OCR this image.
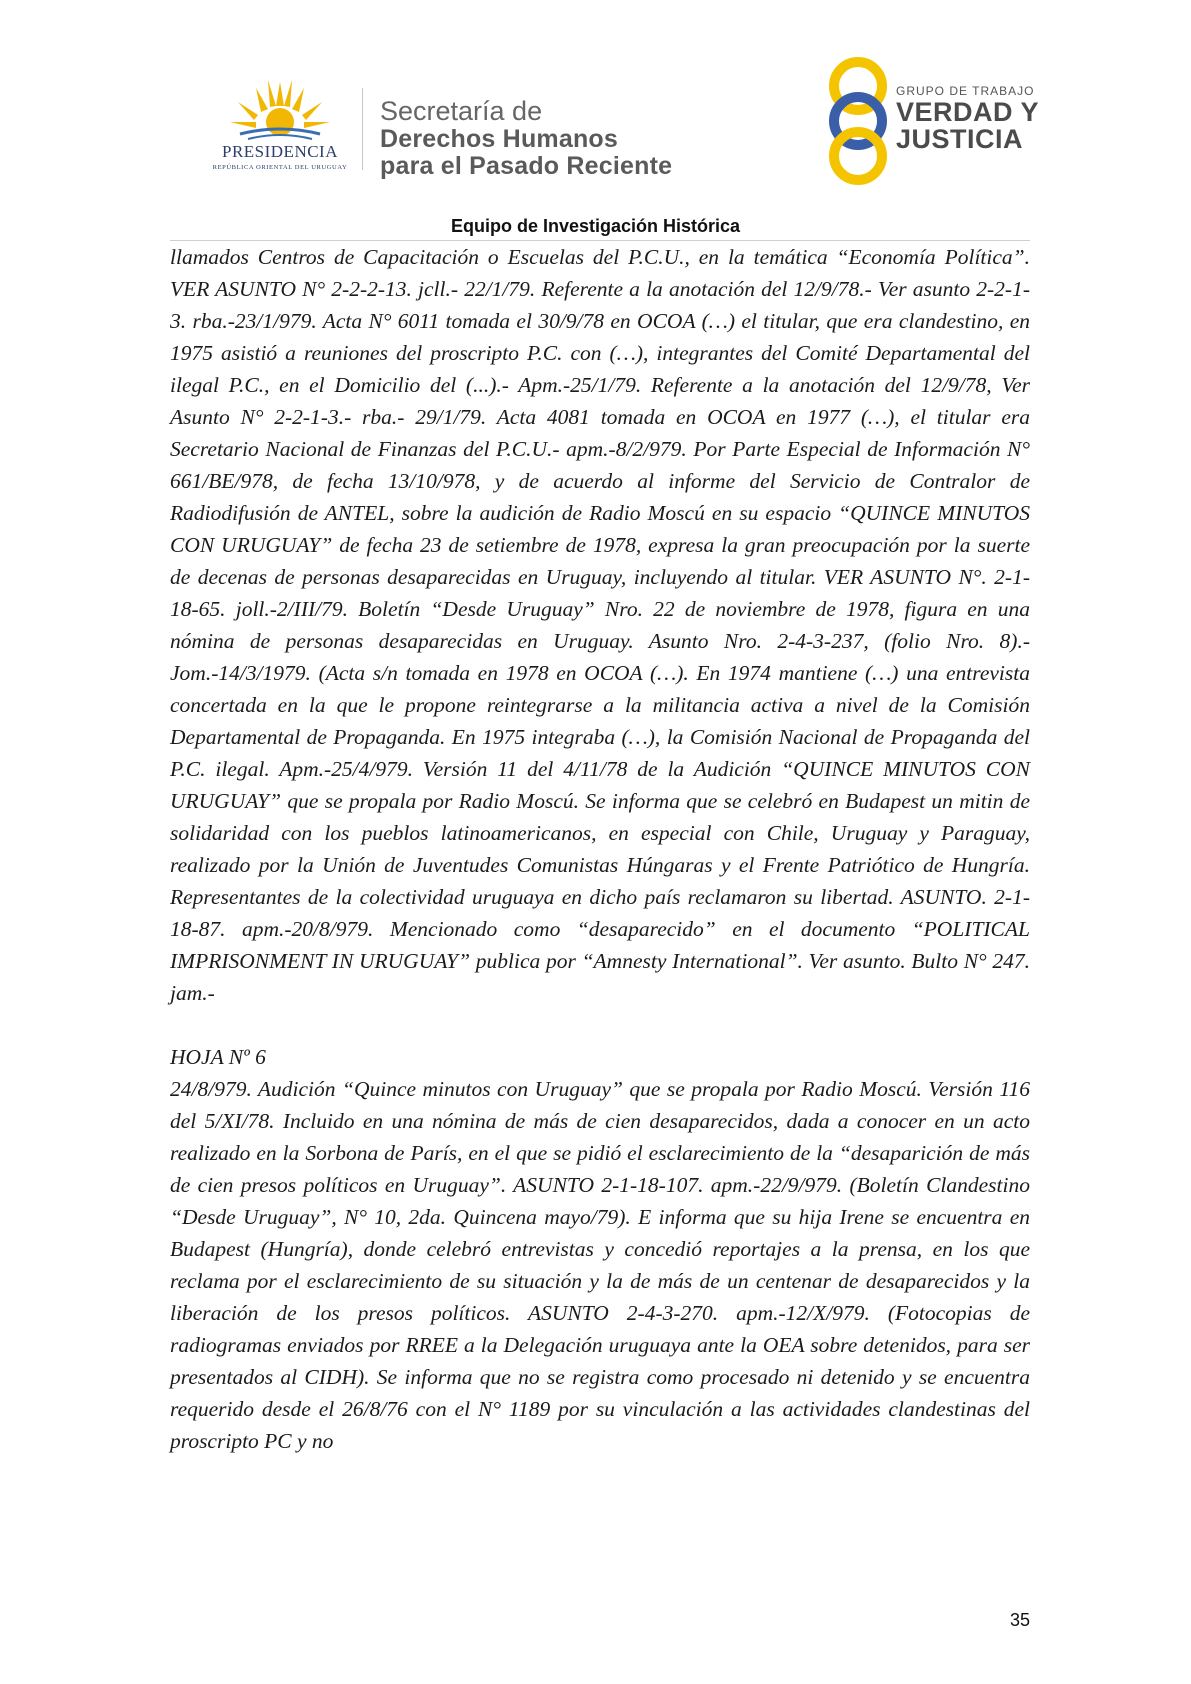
PRESIDENCIA
REPÚBLICA ORIENTAL DEL URUGUAY
Secretaría de
Derechos Humanos
para el Pasado Reciente
GRUPO DE TRABAJO
VERDAD Y
JUSTICIA
Equipo de Investigación Histórica

llamados Centros de Capacitación o Escuelas del P.C.U., en la temática “Economía Política”. VER ASUNTO N° 2-2-2-13. jcll.- 22/1/79. Referente a la anotación del 12/9/78.- Ver asunto 2-2-1-3. rba.-23/1/979. Acta N° 6011 tomada el 30/9/78 en OCOA (…) el titular, que era clandestino, en 1975 asistió a reuniones del proscripto P.C. con (…), integrantes del Comité Departamental del ilegal P.C., en el Domicilio del (...).- Apm.-25/1/79. Referente a la anotación del 12/9/78, Ver Asunto N° 2-2-1-3.- rba.- 29/1/79. Acta 4081 tomada en OCOA en 1977 (…), el titular era Secretario Nacional de Finanzas del P.C.U.- apm.-8/2/979. Por Parte Especial de Información N° 661/BE/978, de fecha 13/10/978, y de acuerdo al informe del Servicio de Contralor de Radiodifusión de ANTEL, sobre la audición de Radio Moscú en su espacio “QUINCE MINUTOS CON URUGUAY” de fecha 23 de setiembre de 1978, expresa la gran preocupación por la suerte de decenas de personas desaparecidas en Uruguay, incluyendo al titular. VER ASUNTO N°. 2-1-18-65. joll.-2/III/79. Boletín “Desde Uruguay” Nro. 22 de noviembre de 1978, figura en una nómina de personas desaparecidas en Uruguay. Asunto Nro. 2-4-3-237, (folio Nro. 8).- Jom.-14/3/1979. (Acta s/n tomada en 1978 en OCOA (…). En 1974 mantiene (…) una entrevista concertada en la que le propone reintegrarse a la militancia activa a nivel de la Comisión Departamental de Propaganda. En 1975 integraba (…), la Comisión Nacional de Propaganda del P.C. ilegal. Apm.-25/4/979. Versión 11 del 4/11/78 de la Audición “QUINCE MINUTOS CON URUGUAY” que se propala por Radio Moscú. Se informa que se celebró en Budapest un mitin de solidaridad con los pueblos latinoamericanos, en especial con Chile, Uruguay y Paraguay, realizado por la Unión de Juventudes Comunistas Húngaras y el Frente Patriótico de Hungría. Representantes de la colectividad uruguaya en dicho país reclamaron su libertad. ASUNTO. 2-1-18-87. apm.-20/8/979. Mencionado como “desaparecido” en el documento “POLITICAL IMPRISONMENT IN URUGUAY” publica por “Amnesty International”. Ver asunto. Bulto N° 247. jam.-

HOJA Nº 6

24/8/979. Audición “Quince minutos con Uruguay” que se propala por Radio Moscú. Versión 116 del 5/XI/78. Incluido en una nómina de más de cien desaparecidos, dada a conocer en un acto realizado en la Sorbona de París, en el que se pidió el esclarecimiento de la “desaparición de más de cien presos políticos en Uruguay”. ASUNTO 2-1-18-107. apm.-22/9/979. (Boletín Clandestino “Desde Uruguay”, N° 10, 2da. Quincena mayo/79). E informa que su hija Irene se encuentra en Budapest (Hungría), donde celebró entrevistas y concedió reportajes a la prensa, en los que reclama por el esclarecimiento de su situación y la de más de un centenar de desaparecidos y la liberación de los presos políticos. ASUNTO 2-4-3-270. apm.-12/X/979. (Fotocopias de radiogramas enviados por RREE a la Delegación uruguaya ante la OEA sobre detenidos, para ser presentados al CIDH). Se informa que no se registra como procesado ni detenido y se encuentra requerido desde el 26/8/76 con el N° 1189 por su vinculación a las actividades clandestinas del proscripto PC y no

35
